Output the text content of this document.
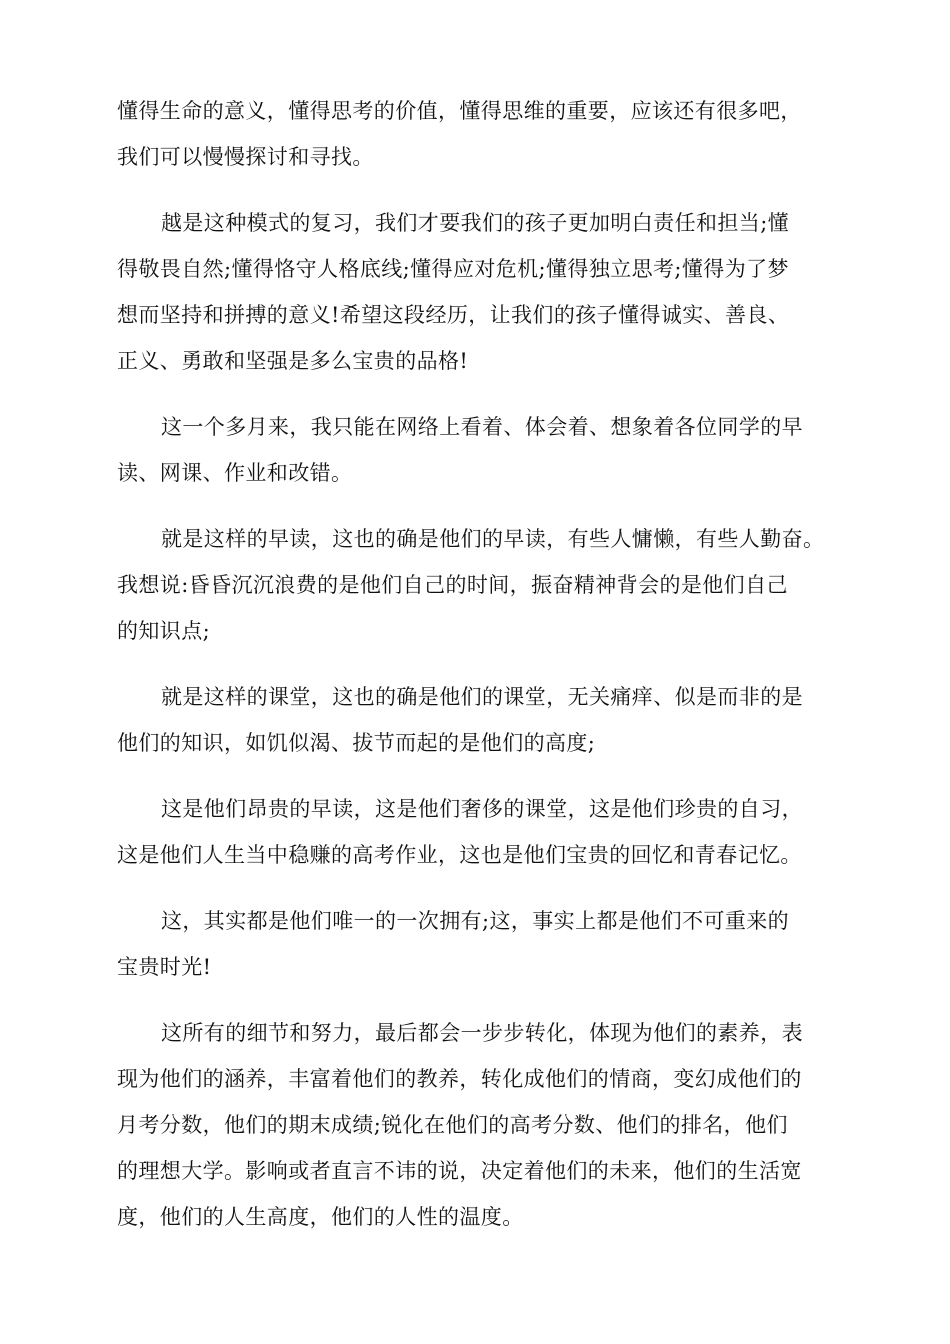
懂得生命的意义，懂得思考的价值，懂得思维的重要，应该还有很多吧，
我们可以慢慢探讨和寻找。
越是这种模式的复习，我们才要我们的孩子更加明白责任和担当;懂
得敬畏自然;懂得恪守人格底线;懂得应对危机;懂得独立思考;懂得为了梦
想而坚持和拼搏的意义!希望这段经历，让我们的孩子懂得诚实、善良、
正义、勇敢和坚强是多么宝贵的品格!
这一个多月来，我只能在网络上看着、体会着、想象着各位同学的早
读、网课、作业和改错。
就是这样的早读，这也的确是他们的早读，有些人慵懒，有些人勤奋。
我想说:昏昏沉沉浪费的是他们自己的时间，振奋精神背会的是他们自己
的知识点;
就是这样的课堂，这也的确是他们的课堂，无关痛痒、似是而非的是
他们的知识，如饥似渴、拔节而起的是他们的高度;
这是他们昂贵的早读，这是他们奢侈的课堂，这是他们珍贵的自习，
这是他们人生当中稳赚的高考作业，这也是他们宝贵的回忆和青春记忆。
这，其实都是他们唯一的一次拥有;这，事实上都是他们不可重来的
宝贵时光!
这所有的细节和努力，最后都会一步步转化，体现为他们的素养，表
现为他们的涵养，丰富着他们的教养，转化成他们的情商，变幻成他们的
月考分数，他们的期末成绩;锐化在他们的高考分数、他们的排名，他们
的理想大学。影响或者直言不讳的说，决定着他们的未来，他们的生活宽
度，他们的人生高度，他们的人性的温度。
